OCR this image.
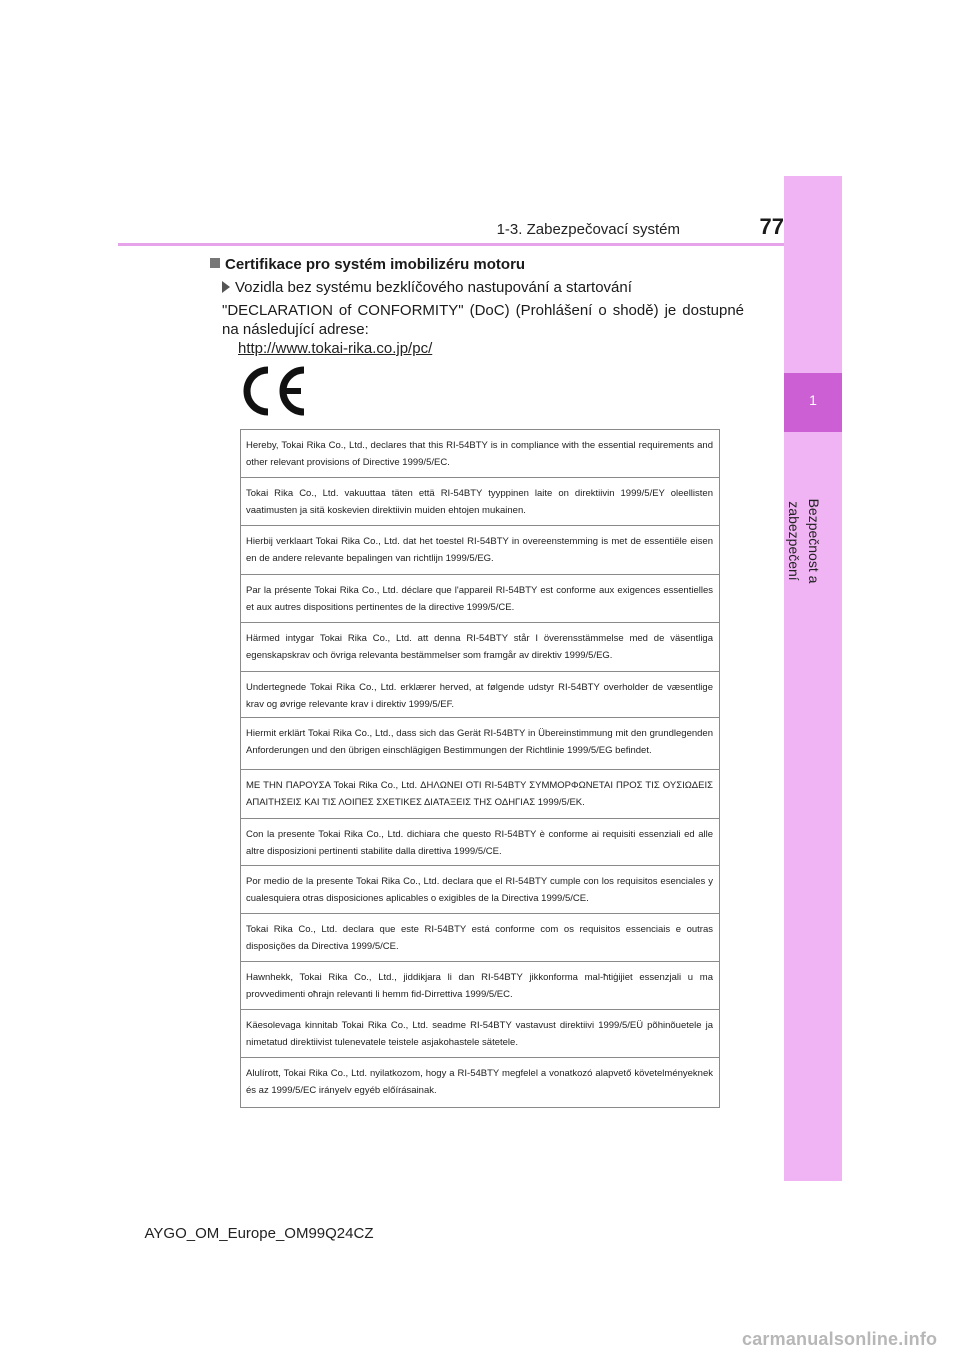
1-3. Zabezpečovací systém	77
1
Bezpečnost a zabezpečení
Certifikace pro systém imobilizéru motoru
Vozidla bez systému bezklíčového nastupování a startování
"DECLARATION of CONFORMITY" (DoC) (Prohlášení o shodě) je dostupné na následující adrese:
http://www.tokai-rika.co.jp/pc/
Hereby, Tokai Rika Co., Ltd., declares that this RI-54BTY is in compliance with the essential requirements and other relevant provisions of Directive 1999/5/EC.
Tokai Rika Co., Ltd. vakuuttaa täten että RI-54BTY tyyppinen laite on direktiivin 1999/5/EY oleellisten vaatimusten ja sitä koskevien direktiivin muiden ehtojen mukainen.
Hierbij verklaart Tokai Rika Co., Ltd. dat het toestel RI-54BTY in overeenstemming is met de essentiële eisen en de andere relevante bepalingen van richtlijn 1999/5/EG.
Par la présente Tokai Rika Co., Ltd. déclare que l'appareil RI-54BTY est conforme aux exigences essentielles et aux autres dispositions pertinentes de la directive 1999/5/CE.
Härmed intygar Tokai Rika Co., Ltd. att denna RI-54BTY står I överensstämmelse med de väsentliga egenskapskrav och övriga relevanta bestämmelser som framgår av direktiv 1999/5/EG.
Undertegnede Tokai Rika Co., Ltd. erklærer herved, at følgende udstyr RI-54BTY overholder de væsentlige krav og øvrige relevante krav i direktiv 1999/5/EF.
Hiermit erklärt Tokai Rika Co., Ltd., dass sich das Gerät RI-54BTY in Übereinstimmung mit den grundlegenden Anforderungen und den übrigen einschlägigen Bestimmungen der Richtlinie 1999/5/EG befindet.
ΜΕ ΤΗΝ ΠΑΡΟΥΣΑ Tokai Rika Co., Ltd. ΔΗΛΩΝΕΙ ΟΤΙ RI-54BTY ΣΥΜΜΟΡΦΩΝΕΤΑΙ ΠΡΟΣ ΤΙΣ ΟΥΣΙΩΔΕΙΣ ΑΠΑΙΤΗΣΕΙΣ ΚΑΙ ΤΙΣ ΛΟΙΠΕΣ ΣΧΕΤΙΚΕΣ ΔΙΑΤΑΞΕΙΣ ΤΗΣ ΟΔΗΓΙΑΣ 1999/5/ΕΚ.
Con la presente Tokai Rika Co., Ltd. dichiara che questo RI-54BTY è conforme ai requisiti essenziali ed alle altre disposizioni pertinenti stabilite dalla direttiva 1999/5/CE.
Por medio de la presente Tokai Rika Co., Ltd. declara que el RI-54BTY cumple con los requisitos esenciales y cualesquiera otras disposiciones aplicables o exigibles de la Directiva 1999/5/CE.
Tokai Rika Co., Ltd. declara que este RI-54BTY está conforme com os requisitos essenciais e outras disposições da Directiva 1999/5/CE.
Hawnhekk, Tokai Rika Co., Ltd., jiddikjara li dan RI-54BTY jikkonforma mal-ħtiġijiet essenzjali u ma provvedimenti oħrajn relevanti li hemm fid-Dirrettiva 1999/5/EC.
Käesolevaga kinnitab Tokai Rika Co., Ltd. seadme RI-54BTY vastavust direktiivi 1999/5/EÜ põhinõuetele ja nimetatud direktiivist tulenevatele teistele asjakohastele sätetele.
Alulírott, Tokai Rika Co., Ltd. nyilatkozom, hogy a RI-54BTY megfelel a vonatkozó alapvető követelményeknek és az 1999/5/EC irányelv egyéb előírásainak.
AYGO_OM_Europe_OM99Q24CZ
carmanualsonline.info
